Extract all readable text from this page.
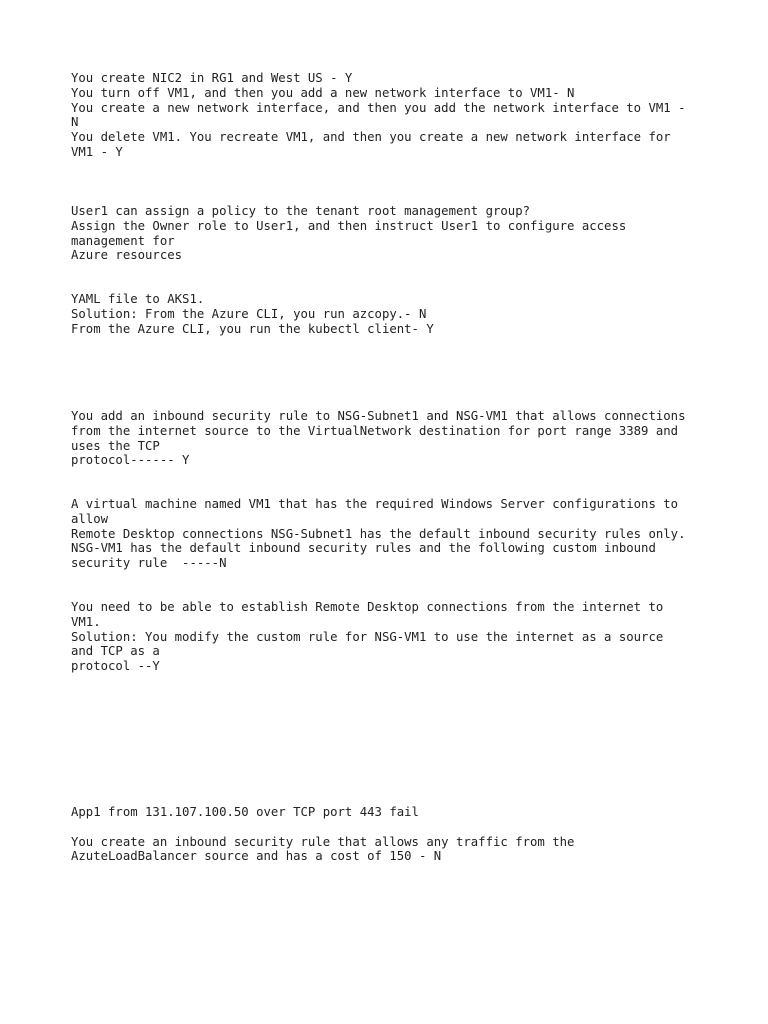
You create NIC2 in RG1 and West US - Y
You turn off VM1, and then you add a new network interface to VM1- N
You create a new network interface, and then you add the network interface to VM1 -
N
You delete VM1. You recreate VM1, and then you create a new network interface for
VM1 - Y
User1 can assign a policy to the tenant root management group?
Assign the Owner role to User1, and then instruct User1 to configure access
management for
Azure resources
YAML file to AKS1.
Solution: From the Azure CLI, you run azcopy.- N
From the Azure CLI, you run the kubectl client- Y
You add an inbound security rule to NSG-Subnet1 and NSG-VM1 that allows connections
from the internet source to the VirtualNetwork destination for port range 3389 and
uses the TCP
protocol------ Y
A virtual machine named VM1 that has the required Windows Server configurations to
allow
Remote Desktop connections NSG-Subnet1 has the default inbound security rules only.
NSG-VM1 has the default inbound security rules and the following custom inbound
security rule  -----N
You need to be able to establish Remote Desktop connections from the internet to
VM1.
Solution: You modify the custom rule for NSG-VM1 to use the internet as a source
and TCP as a
protocol --Y
App1 from 131.107.100.50 over TCP port 443 fail
You create an inbound security rule that allows any traffic from the
AzuteLoadBalancer source and has a cost of 150 - N
